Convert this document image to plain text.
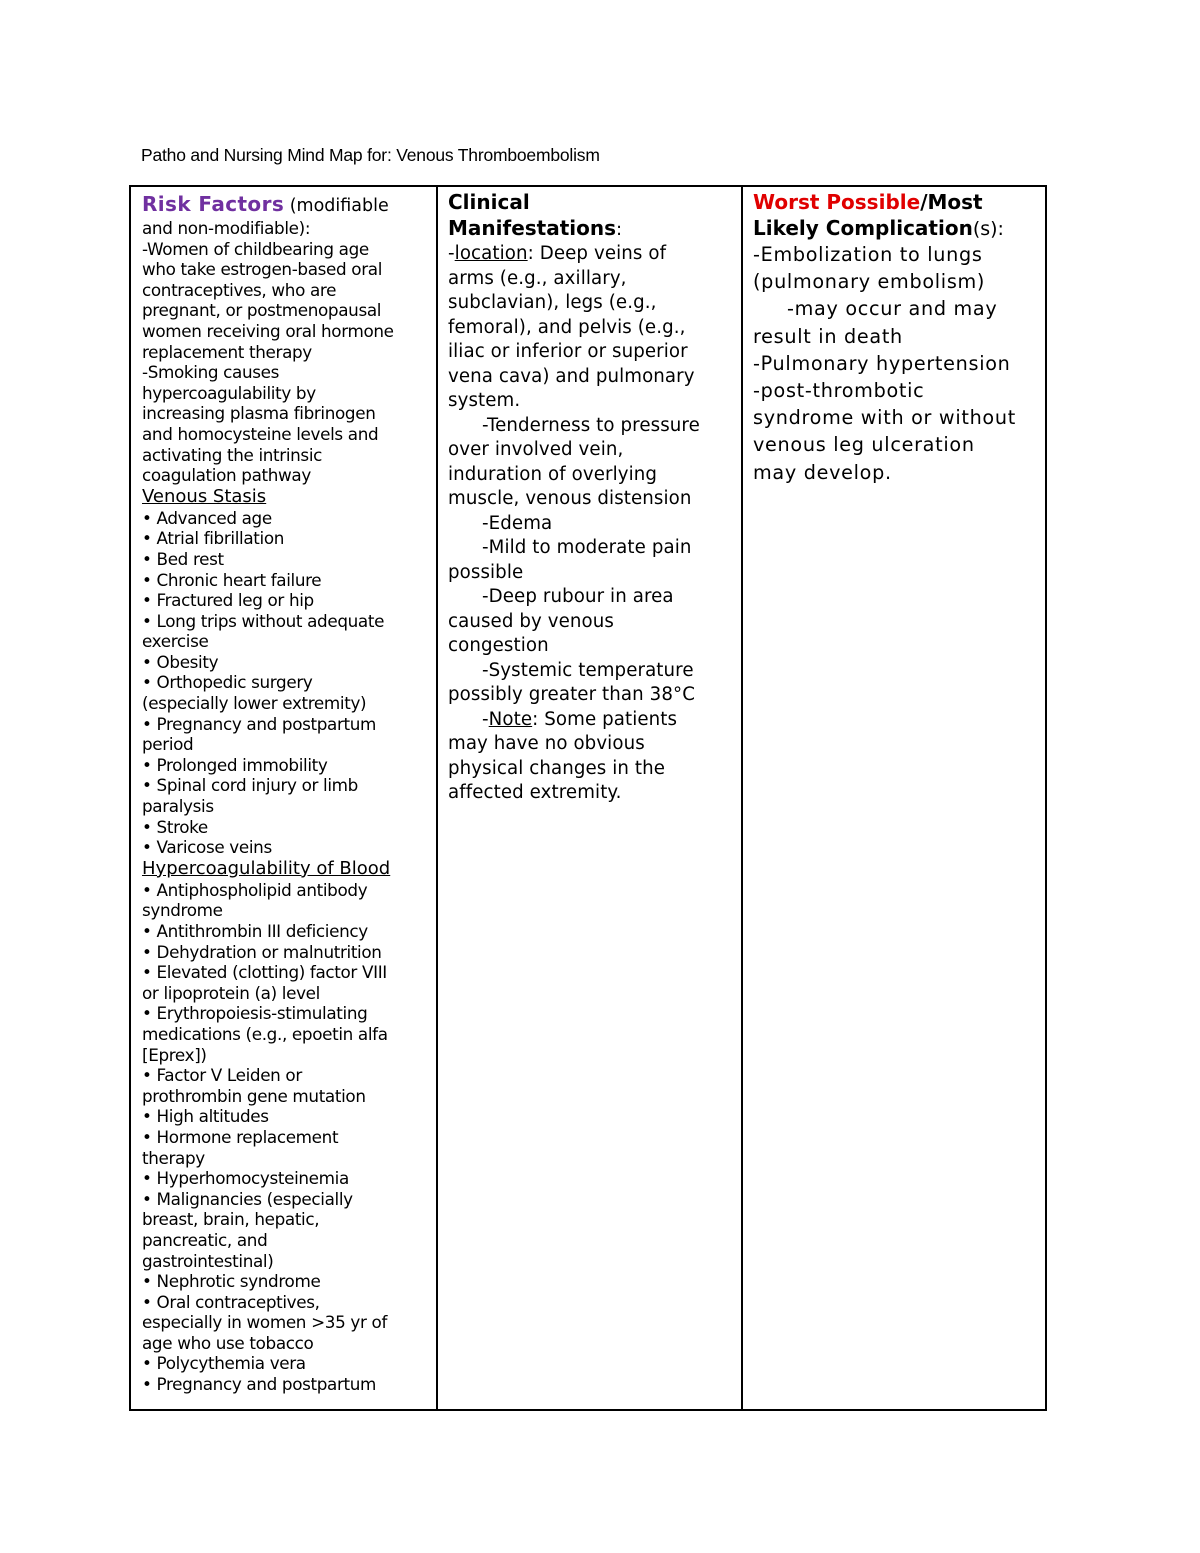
Patho and Nursing Mind Map for: Venous Thromboembolism
Risk Factors (modifiable
and non-modifiable):
-Women of childbearing age
who take estrogen-based oral
contraceptives, who are
pregnant, or postmenopausal
women receiving oral hormone
replacement therapy
-Smoking causes
hypercoagulability by
increasing plasma fibrinogen
and homocysteine levels and
activating the intrinsic
coagulation pathway
Venous Stasis
• Advanced age
• Atrial fibrillation
• Bed rest
• Chronic heart failure
• Fractured leg or hip
• Long trips without adequate
exercise
• Obesity
• Orthopedic surgery
(especially lower extremity)
• Pregnancy and postpartum
period
• Prolonged immobility
• Spinal cord injury or limb
paralysis
• Stroke
• Varicose veins
Hypercoagulability of Blood
• Antiphospholipid antibody
syndrome
• Antithrombin III deficiency
• Dehydration or malnutrition
• Elevated (clotting) factor VIII
or lipoprotein (a) level
• Erythropoiesis-stimulating
medications (e.g., epoetin alfa
[Eprex])
• Factor V Leiden or
prothrombin gene mutation
• High altitudes
• Hormone replacement
therapy
• Hyperhomocysteinemia
• Malignancies (especially
breast, brain, hepatic,
pancreatic, and
gastrointestinal)
• Nephrotic syndrome
• Oral contraceptives,
especially in women >35 yr of
age who use tobacco
• Polycythemia vera
• Pregnancy and postpartum
Clinical
Manifestations:
-location: Deep veins of
arms (e.g., axillary,
subclavian), legs (e.g.,
femoral), and pelvis (e.g.,
iliac or inferior or superior
vena cava) and pulmonary
system.
-Tenderness to pressure
over involved vein,
induration of overlying
muscle, venous distension
-Edema
-Mild to moderate pain
possible
-Deep rubour in area
caused by venous
congestion
-Systemic temperature
possibly greater than 38°C
-Note: Some patients
may have no obvious
physical changes in the
affected extremity.
Worst Possible/Most
Likely Complication(s):
-Embolization to lungs
(pulmonary embolism)
-may occur and may
result in death
-Pulmonary hypertension
-post-thrombotic
syndrome with or without
venous leg ulceration
may develop.
